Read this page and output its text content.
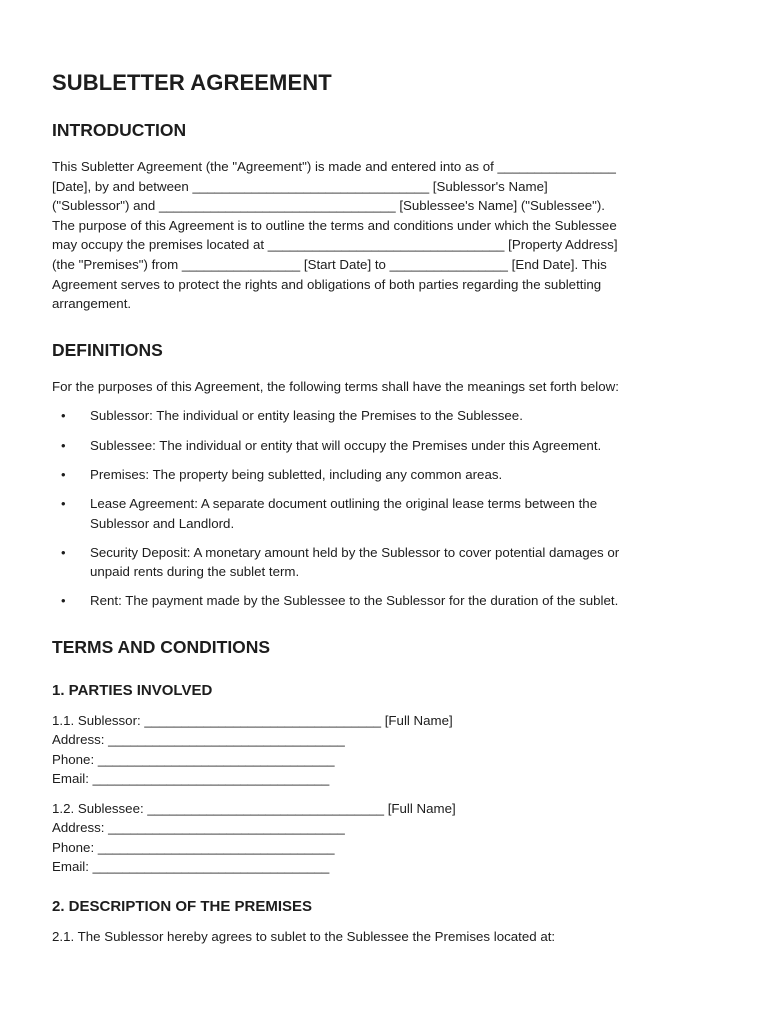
SUBLETTER AGREEMENT
INTRODUCTION

This Subletter Agreement (the "Agreement") is made and entered into as of ________________
[Date], by and between ________________________________ [Sublessor's Name]
("Sublessor") and ________________________________ [Sublessee's Name] ("Sublessee").
The purpose of this Agreement is to outline the terms and conditions under which the Sublessee
may occupy the premises located at ________________________________ [Property Address]
(the "Premises") from ________________ [Start Date] to ________________ [End Date]. This
Agreement serves to protect the rights and obligations of both parties regarding the subletting
arrangement.

DEFINITIONS

For the purposes of this Agreement, the following terms shall have the meanings set forth below:

• Sublessor: The individual or entity leasing the Premises to the Sublessee.
• Sublessee: The individual or entity that will occupy the Premises under this Agreement.
• Premises: The property being subletted, including any common areas.
• Lease Agreement: A separate document outlining the original lease terms between the
Sublessor and Landlord.
• Security Deposit: A monetary amount held by the Sublessor to cover potential damages or
unpaid rents during the sublet term.
• Rent: The payment made by the Sublessee to the Sublessor for the duration of the sublet.
TERMS AND CONDITIONS
1. PARTIES INVOLVED

1.1. Sublessor: ________________________________ [Full Name]

Address: ________________________________

Phone: ________________________________

Email: ________________________________

1.2. Sublessee: ________________________________ [Full Name]

Address: ________________________________

Phone: ________________________________

Email: ________________________________

2. DESCRIPTION OF THE PREMISES

2.1. The Sublessor hereby agrees to sublet to the Sublessee the Premises located at:
